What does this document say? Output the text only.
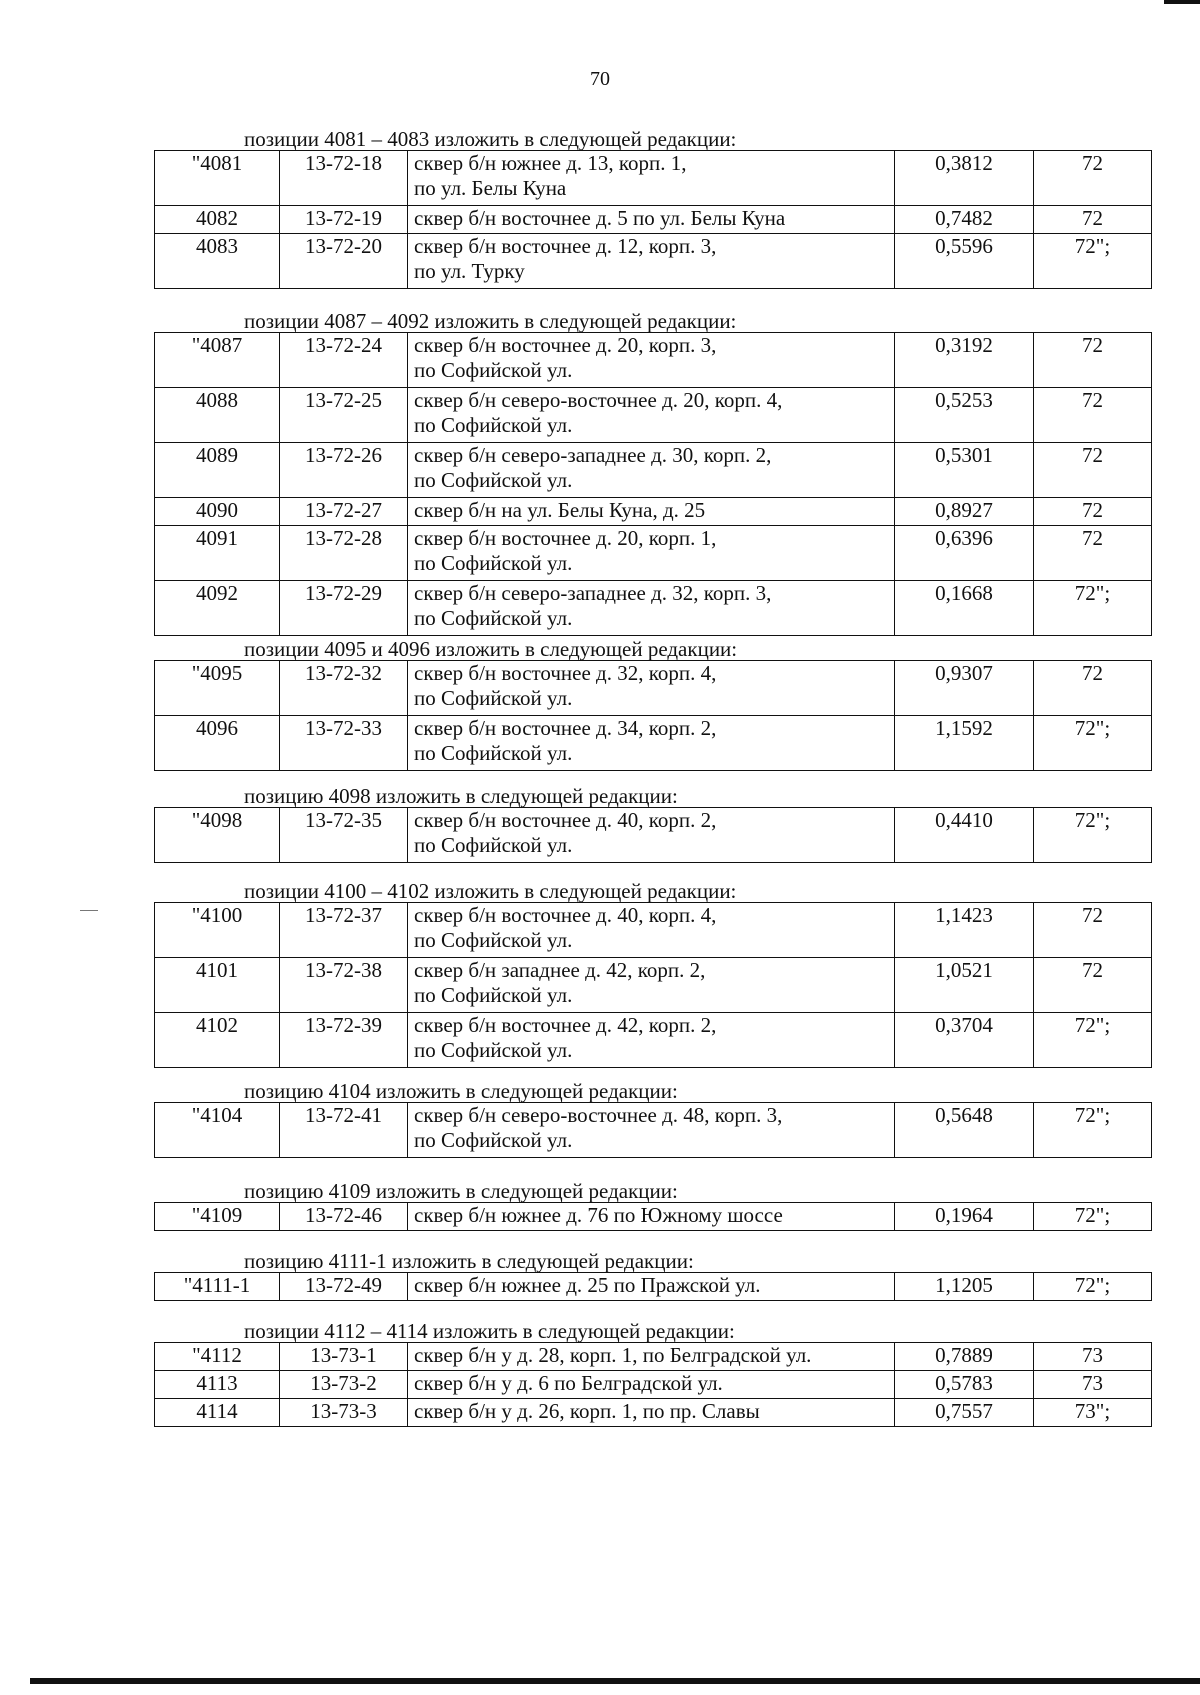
70
позиции 4081 – 4083 изложить в следующей редакции:
"4081	13-72-18	сквер б/н южнее д. 13, корп. 1,
по ул. Белы Куна	0,3812	72
4082	13-72-19	сквер б/н восточнее д. 5 по ул. Белы Куна	0,7482	72
4083	13-72-20	сквер б/н восточнее д. 12, корп. 3,
по ул. Турку	0,5596	72";
позиции 4087 – 4092 изложить в следующей редакции:
"4087	13-72-24	сквер б/н восточнее д. 20, корп. 3,
по Софийской ул.	0,3192	72
4088	13-72-25	сквер б/н северо-восточнее д. 20, корп. 4,
по Софийской ул.	0,5253	72
4089	13-72-26	сквер б/н северо-западнее д. 30, корп. 2,
по Софийской ул.	0,5301	72
4090	13-72-27	сквер б/н на ул. Белы Куна, д. 25	0,8927	72
4091	13-72-28	сквер б/н восточнее д. 20, корп. 1,
по Софийской ул.	0,6396	72
4092	13-72-29	сквер б/н северо-западнее д. 32, корп. 3,
по Софийской ул.	0,1668	72";
позиции 4095 и 4096 изложить в следующей редакции:
"4095	13-72-32	сквер б/н восточнее д. 32, корп. 4,
по Софийской ул.	0,9307	72
4096	13-72-33	сквер б/н восточнее д. 34, корп. 2,
по Софийской ул.	1,1592	72";
позицию 4098 изложить в следующей редакции:
"4098	13-72-35	сквер б/н восточнее д. 40, корп. 2,
по Софийской ул.
	0,4410	72";
позиции 4100 – 4102 изложить в следующей редакции:
"4100	13-72-37	сквер б/н восточнее д. 40, корп. 4,
по Софийской ул.	1,1423	72
4101	13-72-38	сквер б/н западнее д. 42, корп. 2,
по Софийской ул.	1,0521	72
4102	13-72-39	сквер б/н восточнее д. 42, корп. 2,
по Софийской ул.	0,3704	72";
позицию 4104 изложить в следующей редакции:
"4104	13-72-41	сквер б/н северо-восточнее д. 48, корп. 3,
по Софийской ул.
	0,5648	72";
позицию 4109 изложить в следующей редакции:
"4109	13-72-46	сквер б/н южнее д. 76 по Южному шоссе	0,1964	72";
позицию 4111-1 изложить в следующей редакции:
"4111-1	13-72-49	сквер б/н южнее д. 25 по Пражской ул.	1,1205	72";
позиции 4112 – 4114 изложить в следующей редакции:
"4112	13-73-1	сквер б/н у д. 28, корп. 1, по Белградской ул.	0,7889	73
4113	13-73-2	сквер б/н у д. 6 по Белградской ул.	0,5783	73
4114	13-73-3	сквер б/н у д. 26, корп. 1, по пр. Славы	0,7557	73";
